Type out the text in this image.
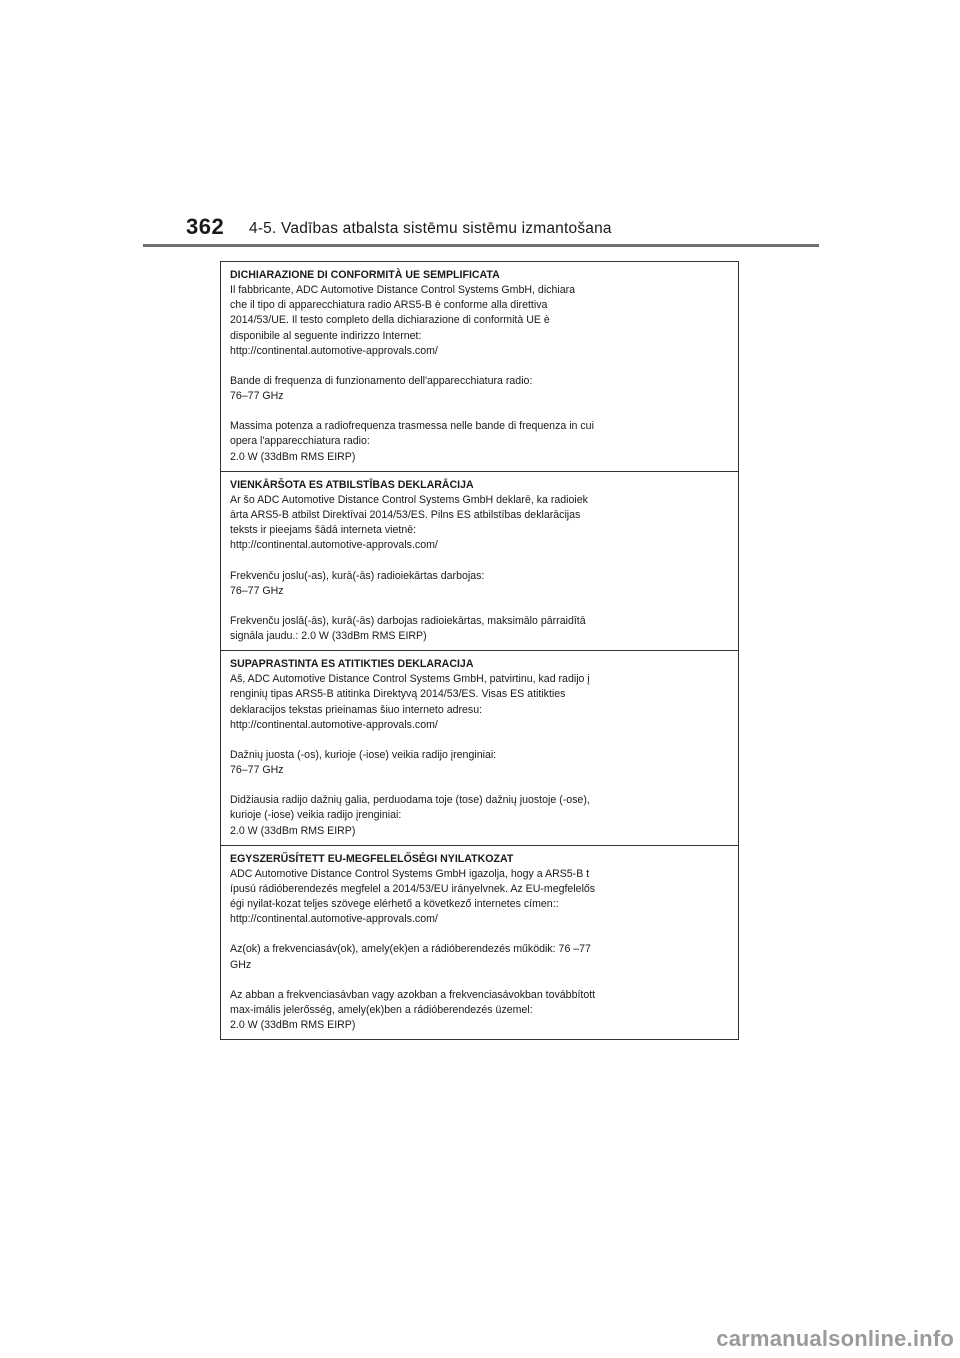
362 4-5. Vadības atbalsta sistēmu sistēmu izmantošana

DICHIARAZIONE DI CONFORMITÀ UE SEMPLIFICATA

Il fabbricante, ADC Automotive Distance Control Systems GmbH, dichiara

che il tipo di apparecchiatura radio ARS5-B è conforme alla direttiva

2014/53/UE. Il testo completo della dichiarazione di conformità UE è

disponibile al seguente indirizzo Internet:

http://continental.automotive-approvals.com/

Bande di frequenza di funzionamento dell'apparecchiatura radio:

76–77 GHz

Massima potenza a radiofrequenza trasmessa nelle bande di frequenza in cui

opera l'apparecchiatura radio:

2.0 W (33dBm RMS EIRP)

VIENKĀRŠOTA ES ATBILSTĪBAS DEKLARĀCIJA

Ar šo ADC Automotive Distance Control Systems GmbH deklarē, ka radioiek

ārta ARS5-B atbilst Direktīvai 2014/53/ES. Pilns ES atbilstības deklarācijas

teksts ir pieejams šādā interneta vietnē:

http://continental.automotive-approvals.com/

Frekvenču joslu(-as), kurā(-ās) radioiekārtas darbojas:

76–77 GHz

Frekvenču joslā(-ās), kurā(-ās) darbojas radioiekārtas, maksimālo pārraidītā

signāla jaudu.: 2.0 W (33dBm RMS EIRP)

SUPAPRASTINTA ES ATITIKTIES DEKLARACIJA

Aš, ADC Automotive Distance Control Systems GmbH, patvirtinu, kad radijo į

renginių tipas ARS5-B atitinka Direktyvą 2014/53/ES. Visas ES atitikties

deklaracijos tekstas prieinamas šiuo interneto adresu:

http://continental.automotive-approvals.com/

Dažnių juosta (-os), kurioje (-iose) veikia radijo įrenginiai:

76–77 GHz

Didžiausia radijo dažnių galia, perduodama toje (tose) dažnių juostoje (-ose),

kurioje (-iose) veikia radijo įrenginiai:

2.0 W (33dBm RMS EIRP)

EGYSZERŰSÍTETT EU-MEGFELELŐSÉGI NYILATKOZAT

ADC Automotive Distance Control Systems GmbH igazolja, hogy a ARS5-B t

ípusú rádióberendezés megfelel a 2014/53/EU irányelvnek. Az EU-megfelelős

égi nyilat-kozat teljes szövege elérhető a következő internetes címen::

http://continental.automotive-approvals.com/

Az(ok) a frekvenciasáv(ok), amely(ek)en a rádióberendezés működik: 76 –77

GHz

Az abban a frekvenciasávban vagy azokban a frekvenciasávokban továbbított

max-imális jelerősség, amely(ek)ben a rádióberendezés üzemel:

2.0 W (33dBm RMS EIRP)

carmanualsonline.info
